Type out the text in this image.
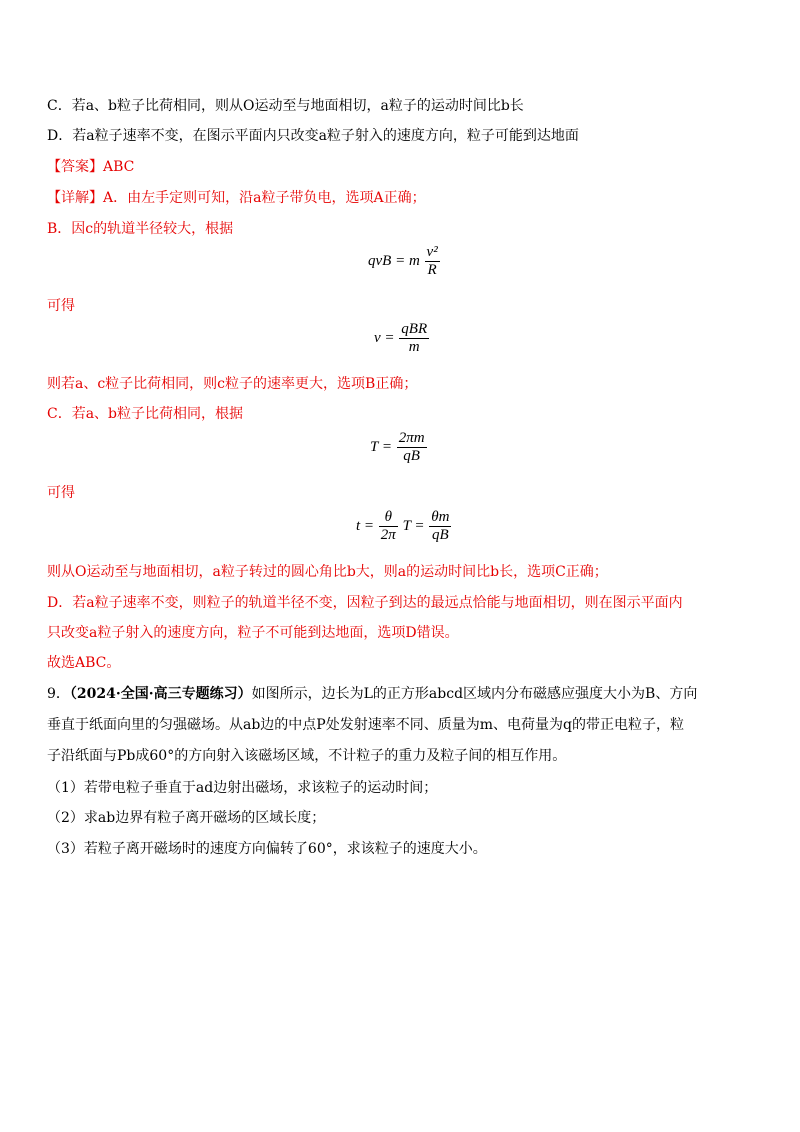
C．若a、b粒子比荷相同，则从O运动至与地面相切，a粒子的运动时间比b长
D．若a粒子速率不变，在图示平面内只改变a粒子射入的速度方向，粒子可能到达地面
【答案】ABC
【详解】A．由左手定则可知，沿a粒子带负电，选项A正确；
B．因c的轨道半径较大，根据
qvB = m $\frac{\text{v²}}{R}$
可得
$v = \frac{\text{qBR}}{m}$
则若a、c粒子比荷相同，则c粒子的速率更大，选项B正确；
C．若a、b粒子比荷相同，根据
$T = \frac{2\pi m}{qB}$
可得
$t = \frac{\theta}{2\pi}$ $T = \frac{\theta m}{qB}$
则从O运动至与地面相切，a粒子转过的圆心角比b大，则a的运动时间比b长，选项C正确；
D．若a粒子速率不变，则粒子的轨道半径不变，因粒子到达的最远点恰能与地面相切，则在图示平面内
只改变a粒子射入的速度方向，粒子不可能到达地面，选项D错误。
故选ABC。
9．（2024·全国·高三专题练习）如图所示，边长为L的正方形abcd区域内分布磁感应强度大小为B、方向
垂直于纸面向里的匀强磁场。从ab边的中点P处发射速率不同、质量为m、电荷量为q的带正电粒子，粒
子沿纸面与Pb成60°的方向射入该磁场区域，不计粒子的重力及粒子间的相互作用。
（1）若带电粒子垂直于ad边射出磁场，求该粒子的运动时间；
（2）求ab边界有粒子离开磁场的区域长度；
（3）若粒子离开磁场时的速度方向偏转了60°，求该粒子的速度大小。
